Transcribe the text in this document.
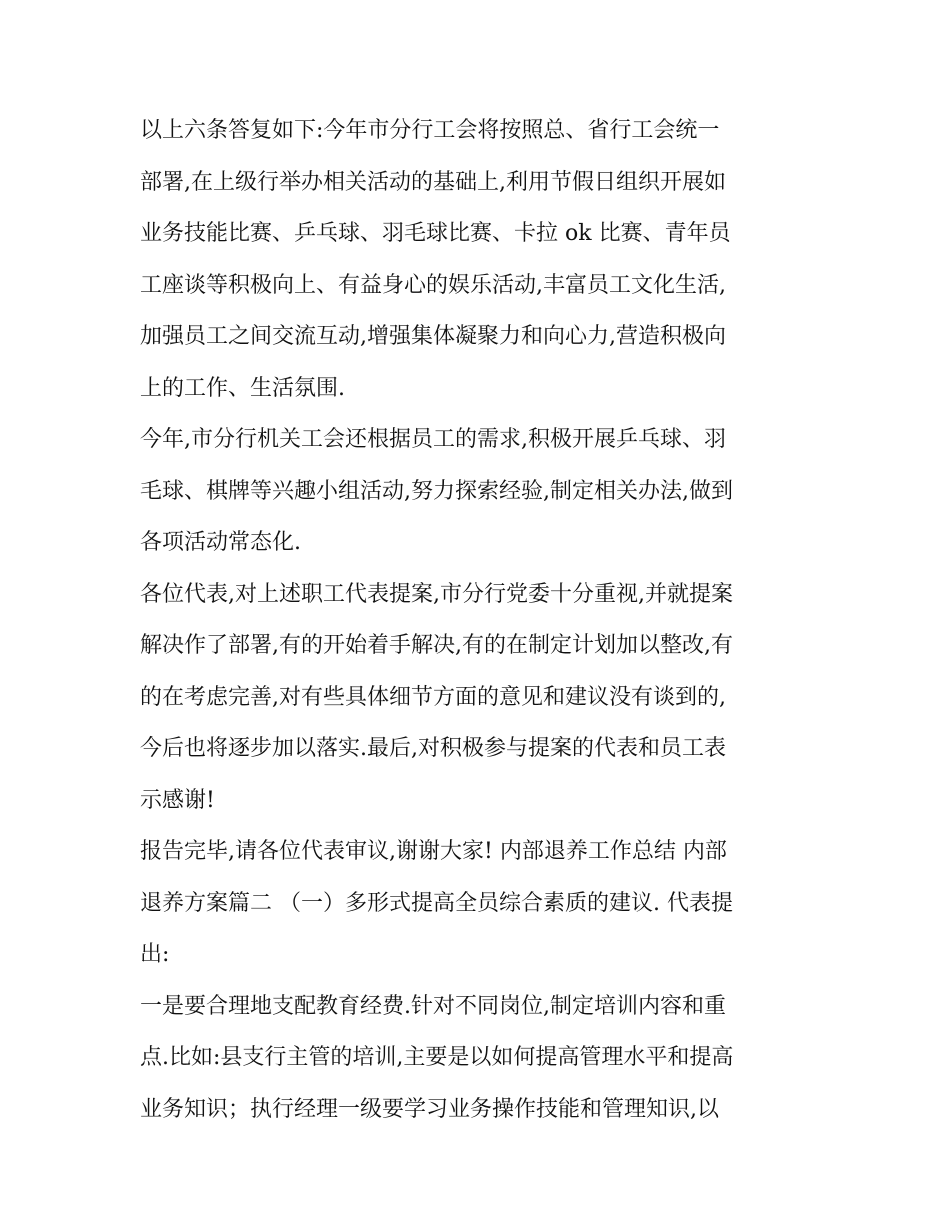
以上六条答复如下:今年市分行工会将按照总、省行工会统一
部署,在上级行举办相关活动的基础上,利用节假日组织开展如
业务技能比赛、乒乓球、羽毛球比赛、卡拉 ok 比赛、青年员
工座谈等积极向上、有益身心的娱乐活动,丰富员工文化生活,
加强员工之间交流互动,增强集体凝聚力和向心力,营造积极向
上的工作、生活氛围.

今年,市分行机关工会还根据员工的需求,积极开展乒乓球、羽
毛球、棋牌等兴趣小组活动,努力探索经验,制定相关办法,做到
各项活动常态化.

各位代表,对上述职工代表提案,市分行党委十分重视,并就提案
解决作了部署,有的开始着手解决,有的在制定计划加以整改,有
的在考虑完善,对有些具体细节方面的意见和建议没有谈到的,
今后也将逐步加以落实.最后,对积极参与提案的代表和员工表
示感谢!

报告完毕,请各位代表审议,谢谢大家! 内部退养工作总结 内部
退养方案篇二 （一）多形式提高全员综合素质的建议. 代表提
出:

一是要合理地支配教育经费.针对不同岗位,制定培训内容和重
点.比如:县支行主管的培训,主要是以如何提高管理水平和提高
业务知识；执行经理一级要学习业务操作技能和管理知识,以
